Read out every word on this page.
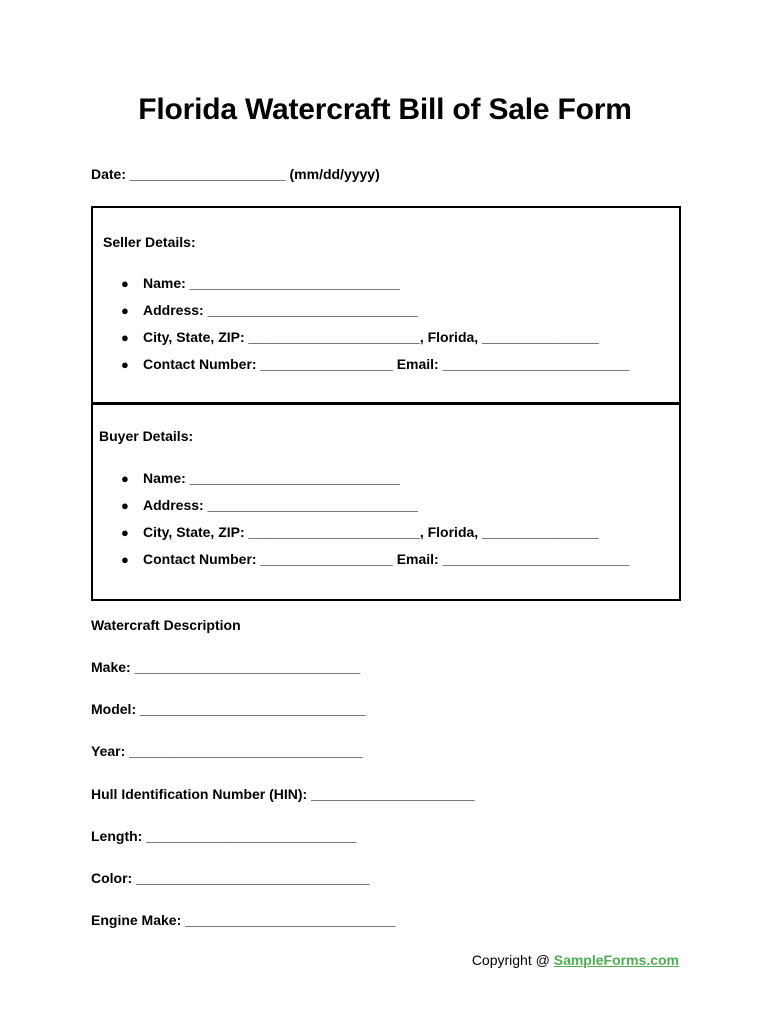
Florida Watercraft Bill of Sale Form

Date: ____________________ (mm/dd/yyyy)

Seller Details:
● Name: ___________________________
● Address: ___________________________
● City, State, ZIP: ______________________, Florida, _______________
● Contact Number: _________________ Email: ________________________
Buyer Details:
● Name: ___________________________
● Address: ___________________________
● City, State, ZIP: ______________________, Florida, _______________
● Contact Number: _________________ Email: ________________________

Watercraft Description

Make: _____________________________

Model: _____________________________

Year: ______________________________

Hull Identification Number (HIN): _____________________

Length: ___________________________

Color: ______________________________

Engine Make: ___________________________

Copyright @ SampleForms.com
